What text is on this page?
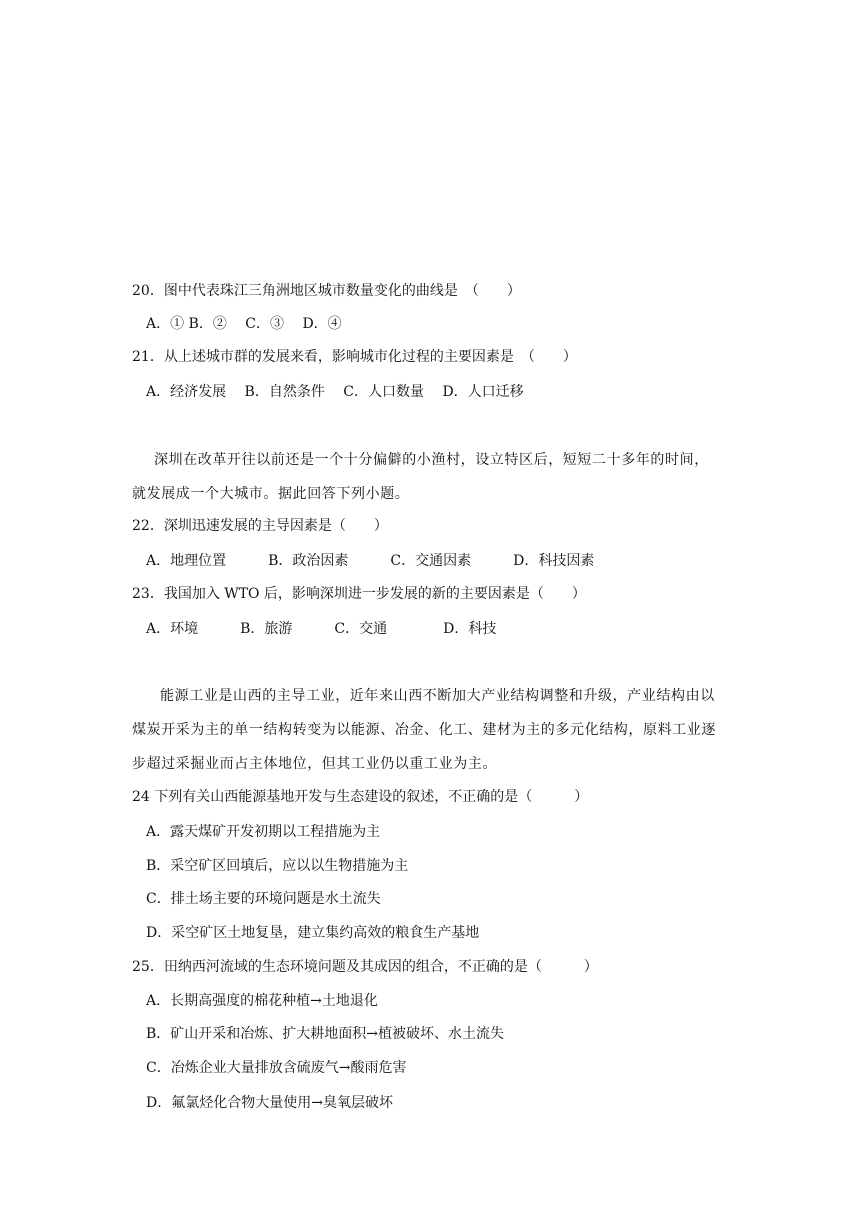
20．图中代表珠江三角洲地区城市数量变化的曲线是　（　　）
A．① B．②　 C．③　 D．④
21．从上述城市群的发展来看，影响城市化过程的主要因素是　（　　）
A．经济发展　 B．自然条件　 C．人口数量　 D．人口迁移
深圳在改革开往以前还是一个十分偏僻的小渔村，设立特区后，短短二十多年的时间，
就发展成一个大城市。据此回答下列小题。
22．深圳迅速发展的主导因素是（　　）
A．地理位置　　　B．政治因素　　　C．交通因素　　　D．科技因素
23．我国加入 WTO 后，影响深圳进一步发展的新的主要因素是（　　）
A．环境　　　B．旅游　　　C．交通　　　　D．科技
能源工业是山西的主导工业，近年来山西不断加大产业结构调整和升级，产业结构由以
煤炭开采为主的单一结构转变为以能源、冶金、化工、建材为主的多元化结构，原料工业逐
步超过采掘业而占主体地位，但其工业仍以重工业为主。
24 下列有关山西能源基地开发与生态建设的叙述，不正确的是（　　　）
A．露天煤矿开发初期以工程措施为主
B．采空矿区回填后，应以以生物措施为主
C．排土场主要的环境问题是水土流失
D．采空矿区土地复垦，建立集约高效的粮食生产基地
25．田纳西河流域的生态环境问题及其成因的组合，不正确的是（　　　）
A．长期高强度的棉花种植→土地退化
B．矿山开采和冶炼、扩大耕地面积→植被破坏、水土流失
C．冶炼企业大量排放含硫废气→酸雨危害
D．氟氯烃化合物大量使用→臭氧层破坏
